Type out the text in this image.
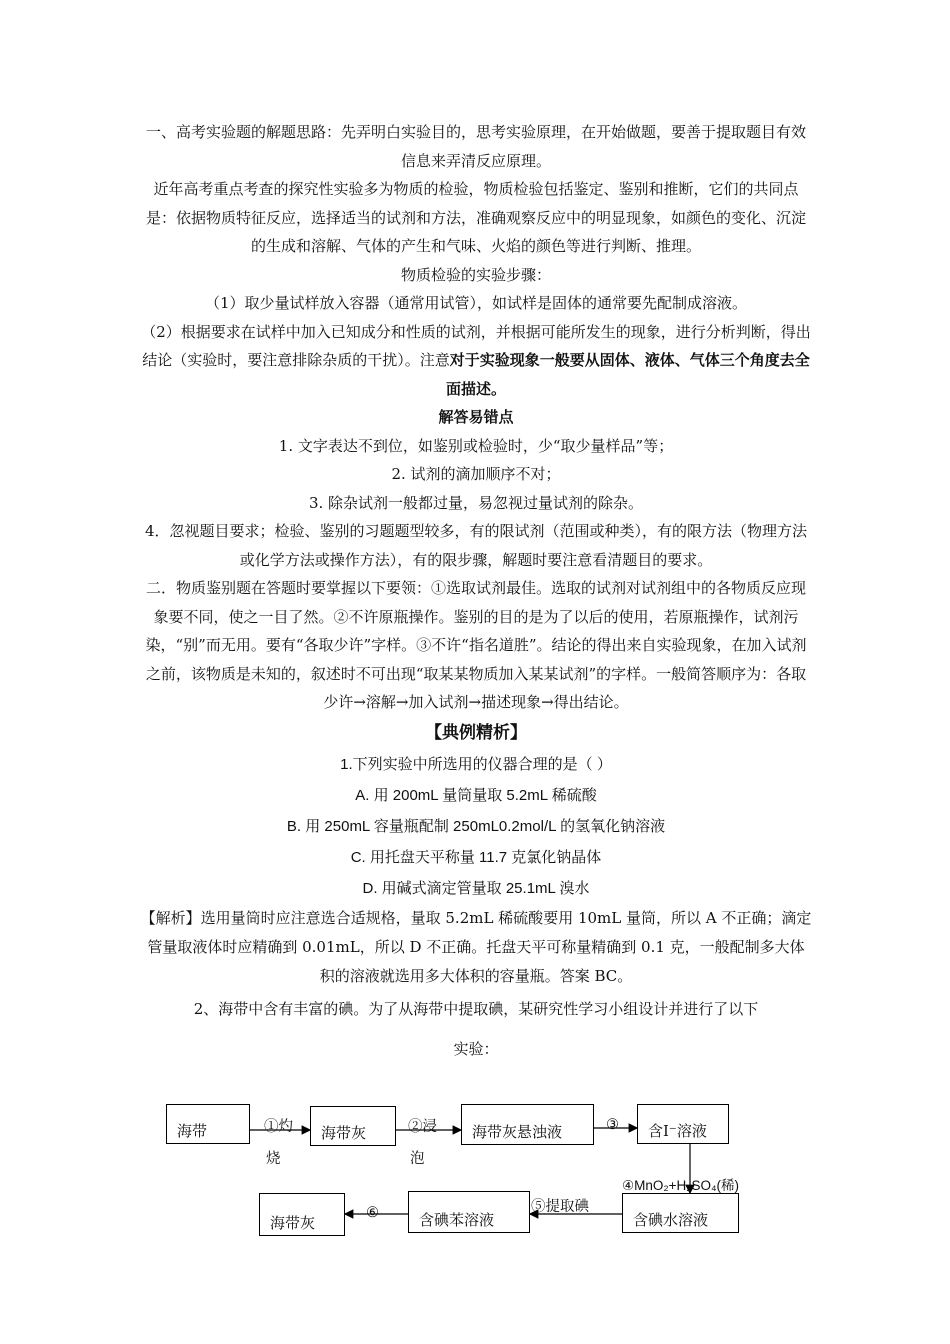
一、高考实验题的解题思路：先弄明白实验目的，思考实验原理，在开始做题，要善于提取题目有效信息来弄清反应原理。

近年高考重点考查的探究性实验多为物质的检验，物质检验包括鉴定、鉴别和推断，它们的共同点是：依据物质特征反应，选择适当的试剂和方法，准确观察反应中的明显现象，如颜色的变化、沉淀的生成和溶解、气体的产生和气味、火焰的颜色等进行判断、推理。

物质检验的实验步骤：

（1）取少量试样放入容器（通常用试管），如试样是固体的通常要先配制成溶液。

（2）根据要求在试样中加入已知成分和性质的试剂，并根据可能所发生的现象，进行分析判断，得出结论（实验时，要注意排除杂质的干扰）。注意对于实验现象一般要从固体、液体、气体三个角度去全面描述。

解答易错点

1. 文字表达不到位，如鉴别或检验时，少“取少量样品”等；

2. 试剂的滴加顺序不对；

3. 除杂试剂一般都过量，易忽视过量试剂的除杂。

4．忽视题目要求；检验、鉴别的习题题型较多，有的限试剂（范围或种类），有的限方法（物理方法或化学方法或操作方法），有的限步骤，解题时要注意看清题目的要求。

二．物质鉴别题在答题时要掌握以下要领：①选取试剂最佳。选取的试剂对试剂组中的各物质反应现象要不同，使之一目了然。②不许原瓶操作。鉴别的目的是为了以后的使用，若原瓶操作，试剂污染，“别”而无用。要有“各取少许”字样。③不许“指名道胜”。结论的得出来自实验现象，在加入试剂之前，该物质是未知的，叙述时不可出现“取某某物质加入某某试剂”的字样。一般简答顺序为：各取少许→溶解→加入试剂→描述现象→得出结论。

【典例精析】

1.下列实验中所选用的仪器合理的是（ ）

A. 用 200mL 量筒量取 5.2mL 稀硫酸

B. 用 250mL 容量瓶配制 250mL0.2mol/L 的氢氧化钠溶液

C. 用托盘天平称量 11.7 克氯化钠晶体

D. 用碱式滴定管量取 25.1mL 溴水

【解析】选用量筒时应注意选合适规格，量取 5.2mL 稀硫酸要用 10mL 量筒，所以 A 不正确；滴定管量取液体时应精确到 0.01mL，所以 D 不正确。托盘天平可称量精确到 0.1 克，一般配制多大体积的溶液就选用多大体积的容量瓶。答案 BC。

2、海带中含有丰富的碘。为了从海带中提取碘，某研究性学习小组设计并进行了以下

实验：

海带	海带灰	海带灰悬浊液	含I⁻溶液
含碘水溶液
含碘苯溶液
海带灰
①灼
烧
②浸
泡
③
④MnO₂+H₂SO₄(稀)
⑤提取碘
⑥
